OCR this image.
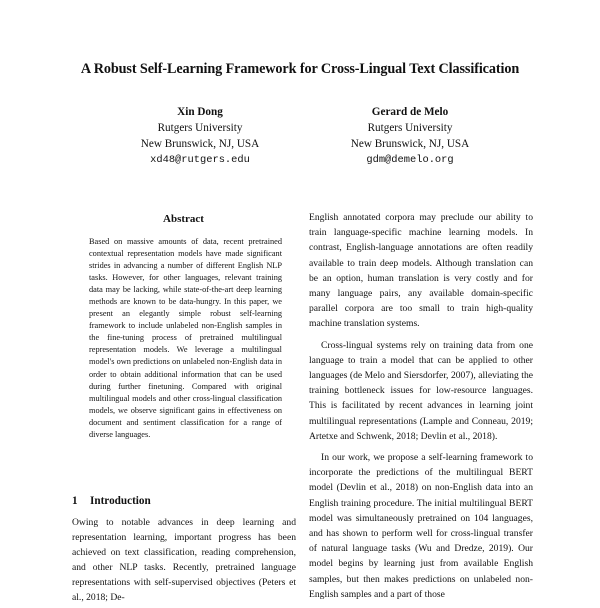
A Robust Self-Learning Framework for Cross-Lingual Text Classification
Xin Dong
Rutgers University
New Brunswick, NJ, USA
xd48@rutgers.edu
Gerard de Melo
Rutgers University
New Brunswick, NJ, USA
gdm@demelo.org
Abstract
Based on massive amounts of data, recent pretrained contextual representation models have made significant strides in advancing a number of different English NLP tasks. However, for other languages, relevant training data may be lacking, while state-of-the-art deep learning methods are known to be data-hungry. In this paper, we present an elegantly simple robust self-learning framework to include unlabeled non-English samples in the fine-tuning process of pretrained multilingual representation models. We leverage a multilingual model's own predictions on unlabeled non-English data in order to obtain additional information that can be used during further finetuning. Compared with original multilingual models and other cross-lingual classification models, we observe significant gains in effectiveness on document and sentiment classification for a range of diverse languages.
1 Introduction
Owing to notable advances in deep learning and representation learning, important progress has been achieved on text classification, reading comprehension, and other NLP tasks. Recently, pretrained language representations with self-supervised objectives (Peters et al., 2018; De-

English annotated corpora may preclude our ability to train language-specific machine learning models. In contrast, English-language annotations are often readily available to train deep models. Although translation can be an option, human translation is very costly and for many language pairs, any available domain-specific parallel corpora are too small to train high-quality machine translation systems.

Cross-lingual systems rely on training data from one language to train a model that can be applied to other languages (de Melo and Siersdorfer, 2007), alleviating the training bottleneck issues for low-resource languages. This is facilitated by recent advances in learning joint multilingual representations (Lample and Conneau, 2019; Artetxe and Schwenk, 2018; Devlin et al., 2018).

In our work, we propose a self-learning framework to incorporate the predictions of the multilingual BERT model (Devlin et al., 2018) on non-English data into an English training procedure. The initial multilingual BERT model was simultaneously pretrained on 104 languages, and has shown to perform well for cross-lingual transfer of natural language tasks (Wu and Dredze, 2019). Our model begins by learning just from available English samples, but then makes predictions on unlabeled non-English samples and a part of those
